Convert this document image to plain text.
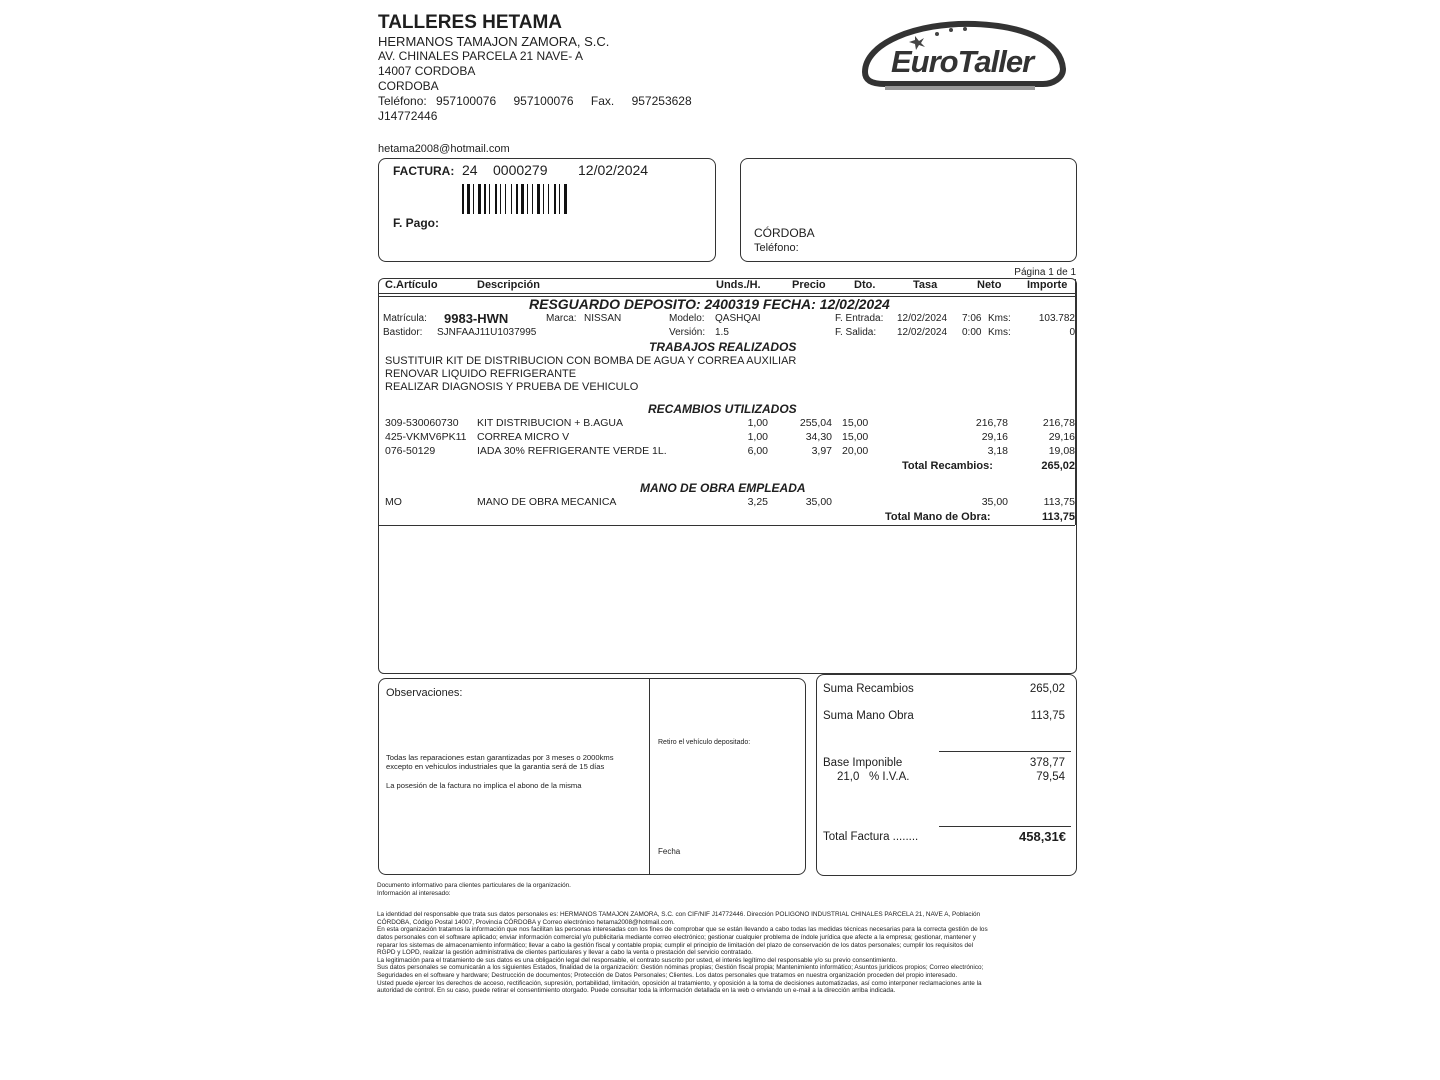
TALLERES HETAMA
HERMANOS TAMAJON ZAMORA, S.C.
AV. CHINALES PARCELA 21 NAVE- A
14007 CORDOBA
CORDOBA
Teléfono: 957100076 957100076 Fax. 957253628
J14772446
hetama2008@hotmail.com
EuroTaller
FACTURA: 24 0000279 12/02/2024
F. Pago:
CÓRDOBA
Teléfono:
Página 1 de 1
C.Artículo	Descripción	Unds./H.	Precio	Dto.	Tasa	Neto Importe
RESGUARDO DEPOSITO: 2400319 FECHA: 12/02/2024
Matrícula: 9983-HWN	Marca: NISSAN	Modelo: QASHQAI	F. Entrada: 12/02/2024 7:06 Kms:	103.782
Bastidor: SJNFAAJ11U1037995	Versión: 1.5	F. Salida: 12/02/2024 0:00 Kms:	0
TRABAJOS REALIZADOS
SUSTITUIR KIT DE DISTRIBUCION CON BOMBA DE AGUA Y CORREA AUXILIAR
RENOVAR LIQUIDO REFRIGERANTE
REALIZAR DIAGNOSIS Y PRUEBA DE VEHICULO
RECAMBIOS UTILIZADOS
309-530060730 KIT DISTRIBUCION + B.AGUA	1,00	255,04 15,00	216,78	216,78
425-VKMV6PK11 CORREA MICRO V	1,00	34,30 15,00	29,16	29,16
076-50129	IADA 30% REFRIGERANTE VERDE 1L.	6,00	3,97 20,00	3,18	19,08
Total Recambios:	265,02
MANO DE OBRA EMPLEADA
MO	MANO DE OBRA MECANICA	3,25	35,00	35,00	113,75
Total Mano de Obra:	113,75
Observaciones:
Todas las reparaciones estan garantizadas por 3 meses o 2000kms excepto en vehiculos industriales que la garantia será de 15 días
La posesión de la factura no implica el abono de la misma
Retiro el vehículo depositado:
Fecha
Suma Recambios	265,02
Suma Mano Obra	113,75
Base Imponible	378,77
21,0 % I.V.A.	79,54
Total Factura ........	458,31€

Documento informativo para clientes particulares de la organización.

Información al interesado:

La identidad del responsable que trata sus datos personales es: HERMANOS TAMAJON ZAMORA, S.C. con CIF/NIF J14772446. Dirección POLIGONO INDUSTRIAL CHINALES PARCELA 21, NAVE A, Población CÓRDOBA, Código Postal 14007, Provincia CÓRDOBA y Correo electrónico hetama2008@hotmail.com.

En esta organización tratamos la información que nos facilitan las personas interesadas con los fines de comprobar que se están llevando a cabo todas las medidas técnicas necesarias para la correcta gestión de los datos personales con el software aplicado; enviar información comercial y/o publicitaria mediante correo electrónico; gestionar cualquier problema de índole jurídica que afecte a la empresa; gestionar, mantener y reparar los sistemas de almacenamiento informático; llevar a cabo la gestión fiscal y contable propia; cumplir el principio de limitación del plazo de conservación de los datos personales; cumplir los requisitos del RGPD y LOPD, realizar la gestión administrativa de clientes particulares y llevar a cabo la venta o prestación del servicio contratado.

La legitimación para el tratamiento de sus datos es una obligación legal del responsable, el contrato suscrito por usted, el interés legítimo del responsable y/o su previo consentimiento.

Sus datos personales se comunicarán a los siguientes Estados, finalidad de la organización: Gestión nóminas propias; Gestión fiscal propia; Mantenimiento informático; Asuntos jurídicos propios; Correo electrónico; Seguridades en el software y hardware; Destrucción de documentos; Protección de Datos Personales; Clientes. Los datos personales que tratamos en nuestra organización proceden del propio interesado.

Usted puede ejercer los derechos de acceso, rectificación, supresión, portabilidad, limitación, oposición al tratamiento, y oposición a la toma de decisiones automatizadas, así como interponer reclamaciones ante la autoridad de control. En su caso, puede retirar el consentimiento otorgado. Puede consultar toda la información detallada en la web o enviando un e-mail a la dirección arriba indicada.
